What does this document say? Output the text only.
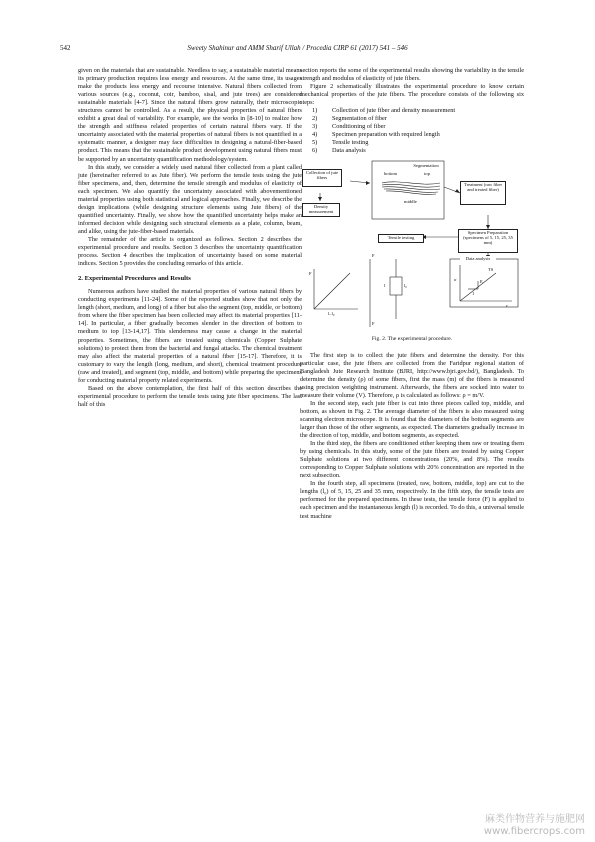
542	Sweety Shahinur and AMM Sharif Ullah / Procedia CIRP 61 (2017) 541 – 546

given on the materials that are sustainable. Needless to say, a sustainable material means its primary production requires less energy and resources. At the same time, its usages make the products less energy and recourse intensive. Natural fibers collected from various sources (e.g., coconut, coir, bamboo, sisal, and jute trees) are considered sustainable materials [4-7]. Since the natural fibers grow naturally, their microscopic structures cannot be controlled. As a result, the physical properties of natural fibers exhibit a great deal of variability. For example, see the works in [8-10] to realize how the strength and stiffness related properties of certain natural fibers vary. If the uncertainty associated with the material properties of natural fibers is not quantified in a systematic manner, a designer may face difficulties in designing a natural-fiber-based product. This means that the sustainable product development using natural fibers must be supported by an uncertainty quantification methodology/system.

In this study, we consider a widely used natural fiber collected from a plant called jute (hereinafter referred to as Jute fiber). We perform the tensile tests using the jute fiber specimens, and, then, determine the tensile strength and modulus of elasticity of each specimen. We also quantify the uncertainty associated with abovementioned material properties using both statistical and logical approaches. Finally, we describe the design implications (while designing structure elements using Jute fibers) of the quantified uncertainty. Finally, we show how the quantified uncertainty helps make an informed decision while designing such structural elements as a plate, column, beam, and alike, using the jute-fiber-based materials.

The remainder of the article is organized as follows. Section 2 describes the experimental procedure and results. Section 3 describes the uncertainty quantification process. Section 4 describes the implication of uncertainty based on some material indices. Section 5 provides the concluding remarks of this article.

2. Experimental Procedures and Results

Numerous authors have studied the material properties of various natural fibers by conducting experiments [11-24]. Some of the reported studies show that not only the length (short, medium, and long) of a fiber but also the segment (top, middle, or bottom) from where the fiber specimen has been collected may affect its material properties [11-14]. In particular, a fiber gradually becomes slender in the direction of bottom to medium to top [13-14,17]. This slenderness may cause a change in the material properties. Sometimes, the fibers are treated using chemicals (Copper Sulphate solutions) to protect them from the bacterial and fungal attacks. The chemical treatment may also affect the material properties of a natural fiber [15-17]. Therefore, it is customary to vary the length (long, medium, and short), chemical treatment procedure (raw and treated), and segment (top, middle, and bottom) while preparing the specimens for conducting material property related experiments.

Based on the above contemplation, the first half of this section describes the experimental procedure to perform the tensile tests using jute fiber specimens. The last half of this

section reports the some of the experimental results showing the variability in the tensile strength and modulus of elasticity of jute fibers.

Figure 2 schematically illustrates the experimental procedure to know certain mechanical properties of the jute fibers. The procedure consists of the following six steps:

1)	Collection of jute fiber and density measurement
2)	Segmentation of fiber
3)	Conditioning of fiber
4)	Specimen preparation with required length
5)	Tensile testing
6)	Data analysis
Segmentation
Collection of jute fibers
bottom	top
middle
Treatment (raw fiber and treated fiber)
Density measurement
Specimen Preparation (specimens of 5, 15, 25, 35 mm)
Tensile testing
Data analysis
F
l–l₀
F
F
l	l₀
TS
σ	E
1
ε
Fig. 2. The experimental procedure.

The first step is to collect the jute fibers and determine the density. For this particular case, the jute fibers are collected from the Faridpur regional station of Bangladesh Jute Research Institute (BJRI, http://www.bjri.gov.bd/), Bangladesh. To determine the density (ρ) of some fibers, first the mass (m) of the fibers is measured using precision weighting instrument. Afterwards, the fibers are socked into water to measure their volume (V). Therefore, ρ is calculated as follows: ρ = m/V.

In the second step, each jute fiber is cut into three pieces called top, middle, and bottom, as shown in Fig. 2. The average diameter of the fibers is also measured using scanning electron microscope. It is found that the diameters of the bottom segments are larger than those of the other segments, as expected. The diameters gradually increase in the direction of top, middle, and bottom segments, as expected.

In the third step, the fibers are conditioned either keeping them raw or treating them by using chemicals. In this study, some of the jute fibers are treated by using Copper Sulphate solutions at two different concentrations (20%, and 8%). The results corresponding to Copper Sulphate solutions with 20% concentration are reported in the next subsection.

In the fourth step, all specimens (treated, raw, bottom, middle, top) are cut to the lengths (l₀) of 5, 15, 25 and 35 mm, respectively. In the fifth step, the tensile tests are performed for the prepared specimens. In these tests, the tensile force (F) is applied to each specimen and the instantaneous length (l) is recorded. To do this, a universal tensile test machine

麻类作物营养与施肥网
www.fibercrops.com
